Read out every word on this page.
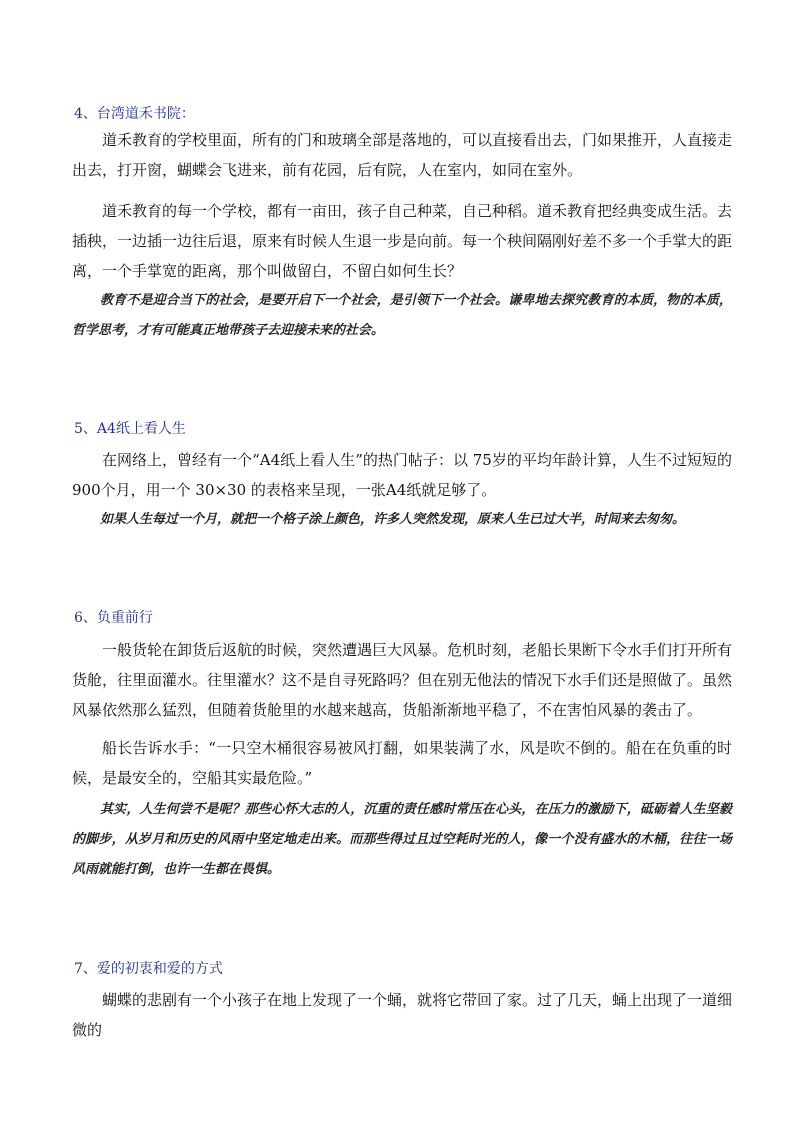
4、台湾道禾书院：
道禾教育的学校里面，所有的门和玻璃全部是落地的，可以直接看出去，门如果推开，人直接走出去，打开窗，蝴蝶会飞进来，前有花园，后有院，人在室内，如同在室外。
道禾教育的每一个学校，都有一亩田，孩子自己种菜，自己种稻。道禾教育把经典变成生活。去插秧，一边插一边往后退，原来有时候人生退一步是向前。每一个秧间隔刚好差不多一个手掌大的距离，一个手掌宽的距离，那个叫做留白，不留白如何生长？
教育不是迎合当下的社会，是要开启下一个社会，是引领下一个社会。谦卑地去探究教育的本质，物的本质，哲学思考，才有可能真正地带孩子去迎接未来的社会。
5、A4纸上看人生
在网络上，曾经有一个“A4纸上看人生”的热门帖子：以 75岁的平均年龄计算，人生不过短短的900个月，用一个 30×30 的表格来呈现，一张A4纸就足够了。
如果人生每过一个月，就把一个格子涂上颜色，许多人突然发现，原来人生已过大半，时间来去匆匆。
6、负重前行
一般货轮在卸货后返航的时候，突然遭遇巨大风暴。危机时刻，老船长果断下令水手们打开所有货舱，往里面灌水。往里灌水？这不是自寻死路吗？但在别无他法的情况下水手们还是照做了。虽然风暴依然那么猛烈，但随着货舱里的水越来越高，货船渐渐地平稳了，不在害怕风暴的袭击了。
船长告诉水手：“一只空木桶很容易被风打翻，如果装满了水，风是吹不倒的。船在在负重的时候，是最安全的，空船其实最危险。”
其实，人生何尝不是呢？那些心怀大志的人，沉重的责任感时常压在心头，在压力的激励下，砥砺着人生坚毅的脚步，从岁月和历史的风雨中坚定地走出来。而那些得过且过空耗时光的人，像一个没有盛水的木桶，往往一场风雨就能打倒，也许一生都在畏惧。
7、爱的初衷和爱的方式
蝴蝶的悲剧有一个小孩子在地上发现了一个蛹，就将它带回了家。过了几天，蛹上出现了一道细微的
